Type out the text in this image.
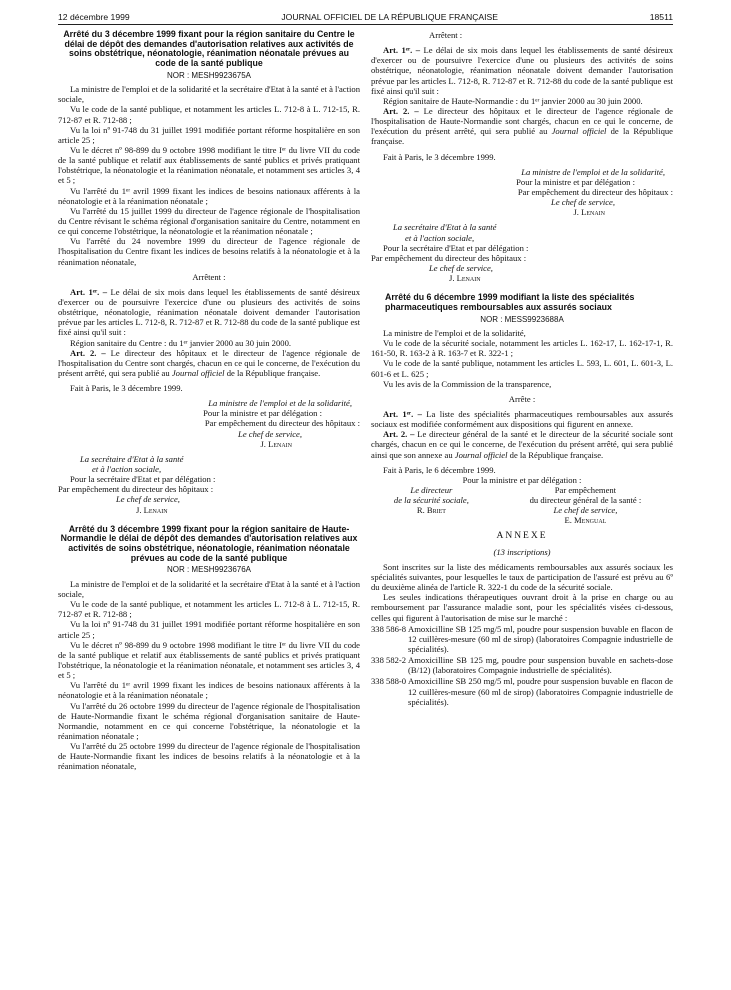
12 décembre 1999	JOURNAL OFFICIEL DE LA RÉPUBLIQUE FRANÇAISE	18511
Arrêté du 3 décembre 1999 fixant pour la région sanitaire du Centre le délai de dépôt des demandes d'autorisation relatives aux activités de soins obstétrique, néonatologie, réanimation néonatale prévues au code de la santé publique
NOR : MESH9923675A

La ministre de l'emploi et de la solidarité et la secrétaire d'Etat à la santé et à l'action sociale,

Vu le code de la santé publique, et notamment les articles L. 712-8 à L. 712-15, R. 712-87 et R. 712-88 ;

Vu la loi nº 91-748 du 31 juillet 1991 modifiée portant réforme hospitalière en son article 25 ;

Vu le décret nº 98-899 du 9 octobre 1998 modifiant le titre Iᵉʳ du livre VII du code de la santé publique et relatif aux établissements de santé publics et privés pratiquant l'obstétrique, la néonatologie et la réanimation néonatale, et notamment ses articles 3, 4 et 5 ;

Vu l'arrêté du 1ᵉʳ avril 1999 fixant les indices de besoins nationaux afférents à la néonatologie et à la réanimation néonatale ;

Vu l'arrêté du 15 juillet 1999 du directeur de l'agence régionale de l'hospitalisation du Centre révisant le schéma régional d'organisation sanitaire du Centre, notamment en ce qui concerne l'obstétrique, la néonatologie et la réanimation néonatale ;

Vu l'arrêté du 24 novembre 1999 du directeur de l'agence régionale de l'hospitalisation du Centre fixant les indices de besoins relatifs à la néonatologie et à la réanimation néonatale,

Arrêtent :

Art. 1ᵉʳ. – Le délai de six mois dans lequel les établissements de santé désireux d'exercer ou de poursuivre l'exercice d'une ou plusieurs des activités de soins obstétrique, néonatologie, réanimation néonatale doivent demander l'autorisation prévue par les articles L. 712-8, R. 712-87 et R. 712-88 du code de la santé publique est fixé ainsi qu'il suit :

Région sanitaire du Centre : du 1ᵉʳ janvier 2000 au 30 juin 2000.

Art. 2. – Le directeur des hôpitaux et le directeur de l'agence régionale de l'hospitalisation du Centre sont chargés, chacun en ce qui le concerne, de l'exécution du présent arrêté, qui sera publié au Journal officiel de la République française.

Fait à Paris, le 3 décembre 1999.

La ministre de l'emploi et de la solidarité,

Pour la ministre et par délégation :

Par empêchement du directeur des hôpitaux :

Le chef de service,

J. Lenain

La secrétaire d'Etat à la santé

et à l'action sociale,

Pour la secrétaire d'Etat et par délégation :

Par empêchement du directeur des hôpitaux :

Le chef de service,

J. Lenain

Arrêté du 3 décembre 1999 fixant pour la région sanitaire de Haute-Normandie le délai de dépôt des demandes d'autorisation relatives aux activités de soins obstétrique, néonatologie, réanimation néonatale prévues au code de la santé publique
NOR : MESH9923676A

La ministre de l'emploi et de la solidarité et la secrétaire d'Etat à la santé et à l'action sociale,

Vu le code de la santé publique, et notamment les articles L. 712-8 à L. 712-15, R. 712-87 et R. 712-88 ;

Vu la loi nº 91-748 du 31 juillet 1991 modifiée portant réforme hospitalière en son article 25 ;

Vu le décret nº 98-899 du 9 octobre 1998 modifiant le titre Iᵉʳ du livre VII du code de la santé publique et relatif aux établissements de santé publics et privés pratiquant l'obstétrique, la néonatologie et la réanimation néonatale, et notamment ses articles 3, 4 et 5 ;

Vu l'arrêté du 1ᵉʳ avril 1999 fixant les indices de besoins nationaux afférents à la néonatologie et à la réanimation néonatale ;

Vu l'arrêté du 26 octobre 1999 du directeur de l'agence régionale de l'hospitalisation de Haute-Normandie fixant le schéma régional d'organisation sanitaire de Haute-Normandie, notamment en ce qui concerne l'obstétrique, la néonatologie et la réanimation néonatale ;

Vu l'arrêté du 25 octobre 1999 du directeur de l'agence régionale de l'hospitalisation de Haute-Normandie fixant les indices de besoins relatifs à la néonatologie et à la réanimation néonatale,

Arrêtent :

Art. 1ᵉʳ. – Le délai de six mois dans lequel les établissements de santé désireux d'exercer ou de poursuivre l'exercice d'une ou plusieurs des activités de soins obstétrique, néonatologie, réanimation néonatale doivent demander l'autorisation prévue par les articles L. 712-8, R. 712-87 et R. 712-88 du code de la santé publique est fixé ainsi qu'il suit :

Région sanitaire de Haute-Normandie : du 1ᵉʳ janvier 2000 au 30 juin 2000.

Art. 2. – Le directeur des hôpitaux et le directeur de l'agence régionale de l'hospitalisation de Haute-Normandie sont chargés, chacun en ce qui le concerne, de l'exécution du présent arrêté, qui sera publié au Journal officiel de la République française.

Fait à Paris, le 3 décembre 1999.

La ministre de l'emploi et de la solidarité,

Pour la ministre et par délégation :

Par empêchement du directeur des hôpitaux :

Le chef de service,

J. Lenain

La secrétaire d'Etat à la santé

et à l'action sociale,

Pour la secrétaire d'Etat et par délégation :

Par empêchement du directeur des hôpitaux :

Le chef de service,

J. Lenain

Arrêté du 6 décembre 1999 modifiant la liste des spécialités pharmaceutiques remboursables aux assurés sociaux
NOR : MESS9923688A

La ministre de l'emploi et de la solidarité,

Vu le code de la sécurité sociale, notamment les articles L. 162-17, L. 162-17-1, R. 161-50, R. 163-2 à R. 163-7 et R. 322-1 ;

Vu le code de la santé publique, notamment les articles L. 593, L. 601, L. 601-3, L. 601-6 et L. 625 ;

Vu les avis de la Commission de la transparence,

Arrête :

Art. 1ᵉʳ. – La liste des spécialités pharmaceutiques remboursables aux assurés sociaux est modifiée conformément aux dispositions qui figurent en annexe.

Art. 2. – Le directeur général de la santé et le directeur de la sécurité sociale sont chargés, chacun en ce qui le concerne, de l'exécution du présent arrêté, qui sera publié ainsi que son annexe au Journal officiel de la République française.

Fait à Paris, le 6 décembre 1999.

Pour la ministre et par délégation :

Le directeur
de la sécurité sociale,
R. Briet
Par empêchement
du directeur général de la santé :
Le chef de service,
E. Mengual
ANNEXE

(13 inscriptions)

Sont inscrites sur la liste des médicaments remboursables aux assurés sociaux les spécialités suivantes, pour lesquelles le taux de participation de l'assuré est prévu au 6º du deuxième alinéa de l'article R. 322-1 du code de la sécurité sociale.

Les seules indications thérapeutiques ouvrant droit à la prise en charge ou au remboursement par l'assurance maladie sont, pour les spécialités visées ci-dessous, celles qui figurent à l'autorisation de mise sur le marché :

338 586-8 Amoxicilline SB 125 mg/5 ml, poudre pour suspension buvable en flacon de 12 cuillères-mesure (60 ml de sirop) (laboratoires Compagnie industrielle de spécialités).
338 582-2 Amoxicilline SB 125 mg, poudre pour suspension buvable en sachets-dose (B/12) (laboratoires Compagnie industrielle de spécialités).
338 588-0 Amoxicilline SB 250 mg/5 ml, poudre pour suspension buvable en flacon de 12 cuillères-mesure (60 ml de sirop) (laboratoires Compagnie industrielle de spécialités).
